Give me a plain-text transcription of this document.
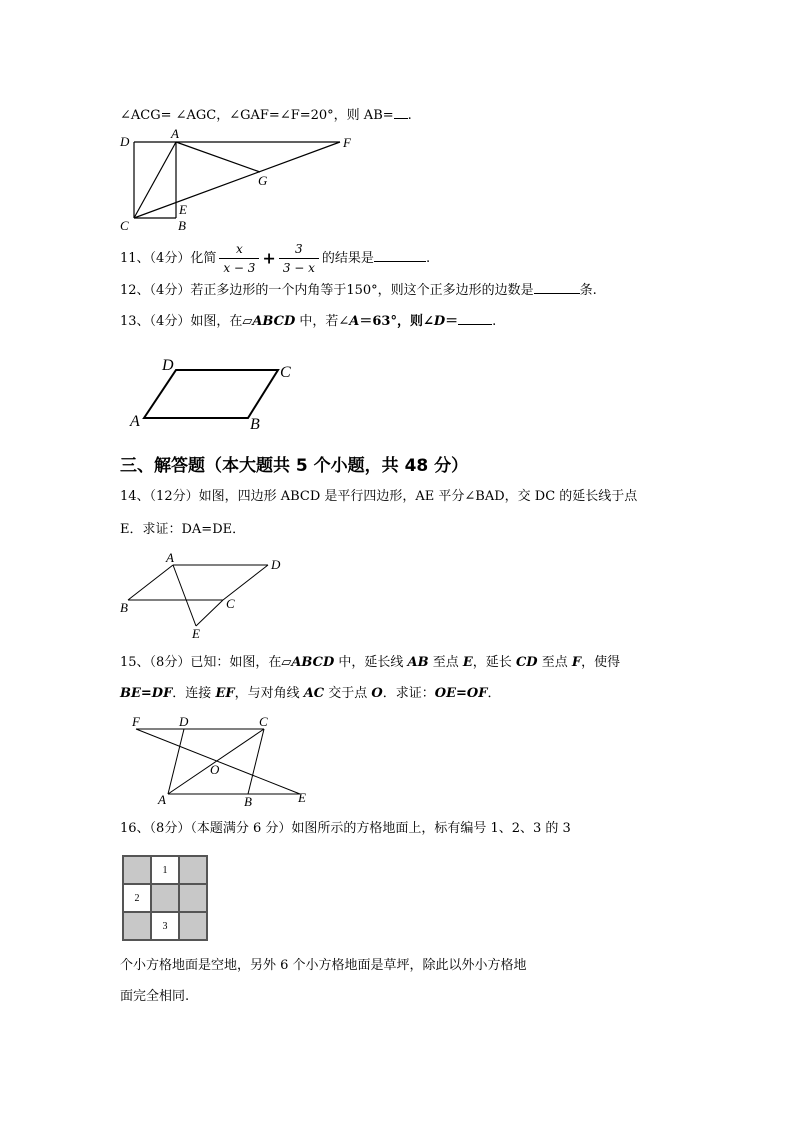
∠ACG= ∠AGC，∠GAF=∠F=20°，则 AB= .
D
A
F
G
E
C	B
11、（4分）化简 $\frac{x}{x - 3} + \frac{3}{3 - x}$ 的结果是	.
12、（4分）若正多边形的一个内角等于150°，则这个正多边形的边数是	条.
13、（4分）如图，在▱ABCD 中，若∠A＝63°，则∠D＝	.
D	C
A	B
三、解答题（本大题共 5 个小题，共 48 分）
14、（12分）如图，四边形 ABCD 是平行四边形，AE 平分∠BAD，交 DC 的延长线于点
E．求证：DA=DE．
A	D
B	C
E
15、（8分）已知：如图，在▱ABCD 中，延长线 AB 至点 E，延长 CD 至点 F，使得
BE=DF．连接 EF，与对角线 AC 交于点 O．求证：OE=OF．
F	D	C
O
A	B	E
16、（8分）（本题满分 6 分）如图所示的方格地面上，标有编号 1、2、3 的 3
1
2
3
个小方格地面是空地，另外 6 个小方格地面是草坪，除此以外小方格地
面完全相同.
